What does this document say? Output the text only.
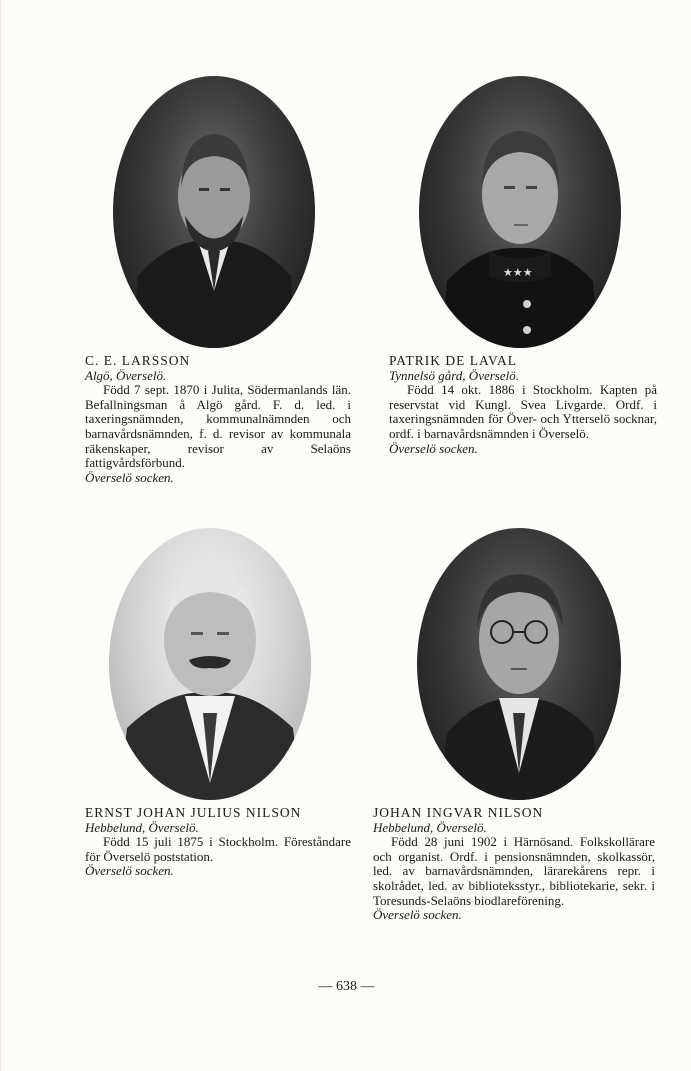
★★★
C. E. LARSSON
Algö, Överselö.
Född 7 sept. 1870 i Julita, Södermanlands län. Befallningsman å Algö gård. F. d. led. i taxeringsnämnden, kommunalnämnden och barnavårdsnämnden, f. d. revisor av kommunala räkenskaper, revisor av Selaöns fattigvårdsförbund.
Överselö socken.
PATRIK DE LAVAL
Tynnelsö gård, Överselö.
Född 14 okt. 1886 i Stockholm. Kapten på reservstat vid Kungl. Svea Livgarde. Ordf. i taxeringsnämnden för Över- och Ytterselö socknar, ordf. i barnavårdsnämnden i Överselö.
Överselö socken.
ERNST JOHAN JULIUS NILSON
Hebbelund, Överselö.
Född 15 juli 1875 i Stockholm. Föreståndare för Överselö poststation.
Överselö socken.
JOHAN INGVAR NILSON
Hebbelund, Överselö.
Född 28 juni 1902 i Härnösand. Folkskollärare och organist. Ordf. i pensionsnämnden, skolkassör, led. av barnavårdsnämnden, lärarekårens repr. i skolrådet, led. av biblioteksstyr., bibliotekarie, sekr. i Toresunds-Selaöns biodlareförening.
Överselö socken.
— 638 —
